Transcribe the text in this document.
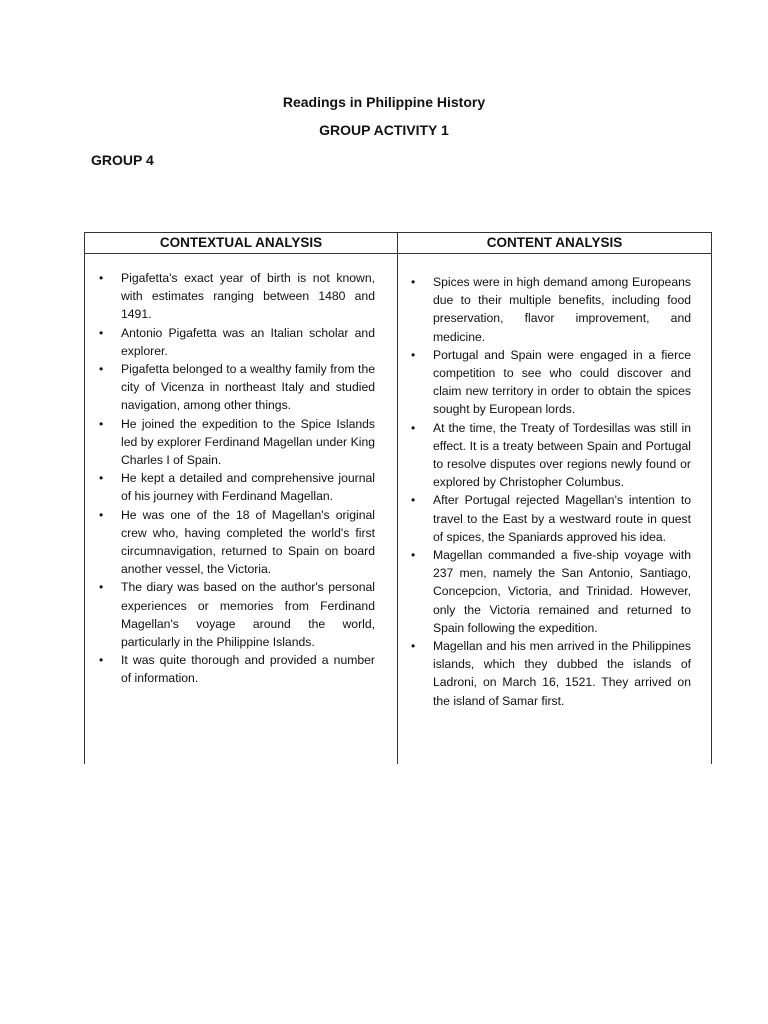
Readings in Philippine History
GROUP ACTIVITY 1
GROUP 4
CONTEXTUAL ANALYSIS	CONTENT ANALYSIS
• Pigafetta's exact year of birth is not known, with estimates ranging between 1480 and 1491.
• Antonio Pigafetta was an Italian scholar and explorer.
• Pigafetta belonged to a wealthy family from the city of Vicenza in northeast Italy and studied navigation, among other things.
• He joined the expedition to the Spice Islands led by explorer Ferdinand Magellan under King Charles I of Spain.
• He kept a detailed and comprehensive journal of his journey with Ferdinand Magellan.
• He was one of the 18 of Magellan's original crew who, having completed the world's first circumnavigation, returned to Spain on board another vessel, the Victoria.
• The diary was based on the author's personal experiences or memories from Ferdinand Magellan's voyage around the world, particularly in the Philippine Islands.
• It was quite thorough and provided a number of information.
• Spices were in high demand among Europeans due to their multiple benefits, including food preservation, flavor improvement, and medicine.
• Portugal and Spain were engaged in a fierce competition to see who could discover and claim new territory in order to obtain the spices sought by European lords.
• At the time, the Treaty of Tordesillas was still in effect. It is a treaty between Spain and Portugal to resolve disputes over regions newly found or explored by Christopher Columbus.
• After Portugal rejected Magellan's intention to travel to the East by a westward route in quest of spices, the Spaniards approved his idea.
• Magellan commanded a five-ship voyage with 237 men, namely the San Antonio, Santiago, Concepcion, Victoria, and Trinidad. However, only the Victoria remained and returned to Spain following the expedition.
• Magellan and his men arrived in the Philippines islands, which they dubbed the islands of Ladroni, on March 16, 1521. They arrived on the island of Samar first.
